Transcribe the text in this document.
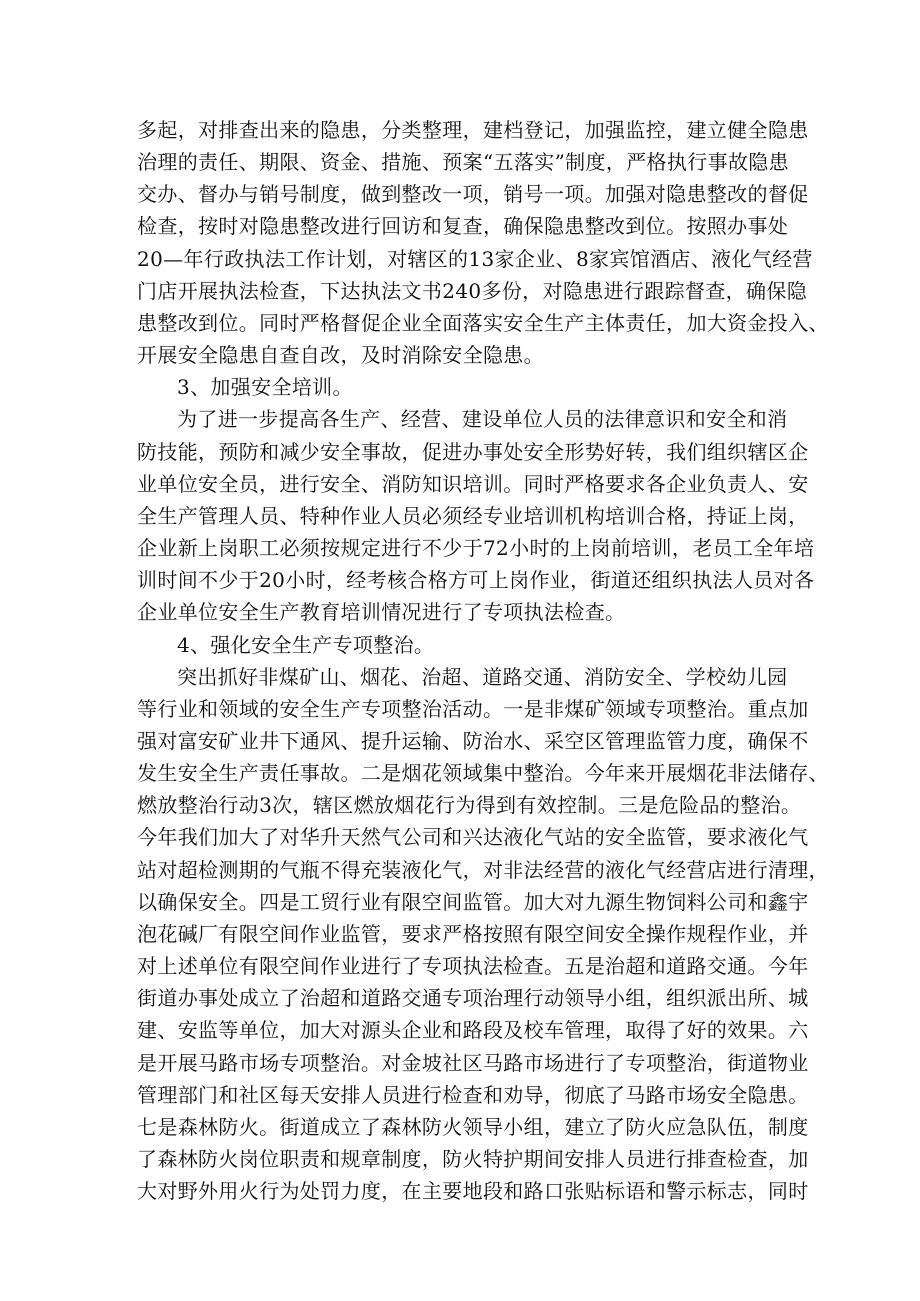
多起，对排查出来的隐患，分类整理，建档登记，加强监控，建立健全隐患

治理的责任、期限、资金、措施、预案“五落实”制度，严格执行事故隐患

交办、督办与销号制度，做到整改一项，销号一项。加强对隐患整改的督促

检查，按时对隐患整改进行回访和复查，确保隐患整改到位。按照办事处

20—年行政执法工作计划，对辖区的13家企业、8家宾馆酒店、液化气经营

门店开展执法检查，下达执法文书240多份，对隐患进行跟踪督查，确保隐

患整改到位。同时严格督促企业全面落实安全生产主体责任，加大资金投入、

开展安全隐患自查自改，及时消除安全隐患。

3、加强安全培训。

为了进一步提高各生产、经营、建设单位人员的法律意识和安全和消

防技能，预防和减少安全事故，促进办事处安全形势好转，我们组织辖区企

业单位安全员，进行安全、消防知识培训。同时严格要求各企业负责人、安

全生产管理人员、特种作业人员必须经专业培训机构培训合格，持证上岗，

企业新上岗职工必须按规定进行不少于72小时的上岗前培训，老员工全年培

训时间不少于20小时，经考核合格方可上岗作业，街道还组织执法人员对各

企业单位安全生产教育培训情况进行了专项执法检查。

4、强化安全生产专项整治。

突出抓好非煤矿山、烟花、治超、道路交通、消防安全、学校幼儿园

等行业和领域的安全生产专项整治活动。一是非煤矿领域专项整治。重点加

强对富安矿业井下通风、提升运输、防治水、采空区管理监管力度，确保不

发生安全生产责任事故。二是烟花领域集中整治。今年来开展烟花非法储存、

燃放整治行动3次，辖区燃放烟花行为得到有效控制。三是危险品的整治。

今年我们加大了对华升天然气公司和兴达液化气站的安全监管，要求液化气

站对超检测期的气瓶不得充装液化气，对非法经营的液化气经营店进行清理，

以确保安全。四是工贸行业有限空间监管。加大对九源生物饲料公司和鑫宇

泡花碱厂有限空间作业监管，要求严格按照有限空间安全操作规程作业，并

对上述单位有限空间作业进行了专项执法检查。五是治超和道路交通。今年

街道办事处成立了治超和道路交通专项治理行动领导小组，组织派出所、城

建、安监等单位，加大对源头企业和路段及校车管理，取得了好的效果。六

是开展马路市场专项整治。对金坡社区马路市场进行了专项整治，街道物业

管理部门和社区每天安排人员进行检查和劝导，彻底了马路市场安全隐患。

七是森林防火。街道成立了森林防火领导小组，建立了防火应急队伍，制度

了森林防火岗位职责和规章制度，防火特护期间安排人员进行排查检查，加

大对野外用火行为处罚力度，在主要地段和路口张贴标语和警示标志，同时
